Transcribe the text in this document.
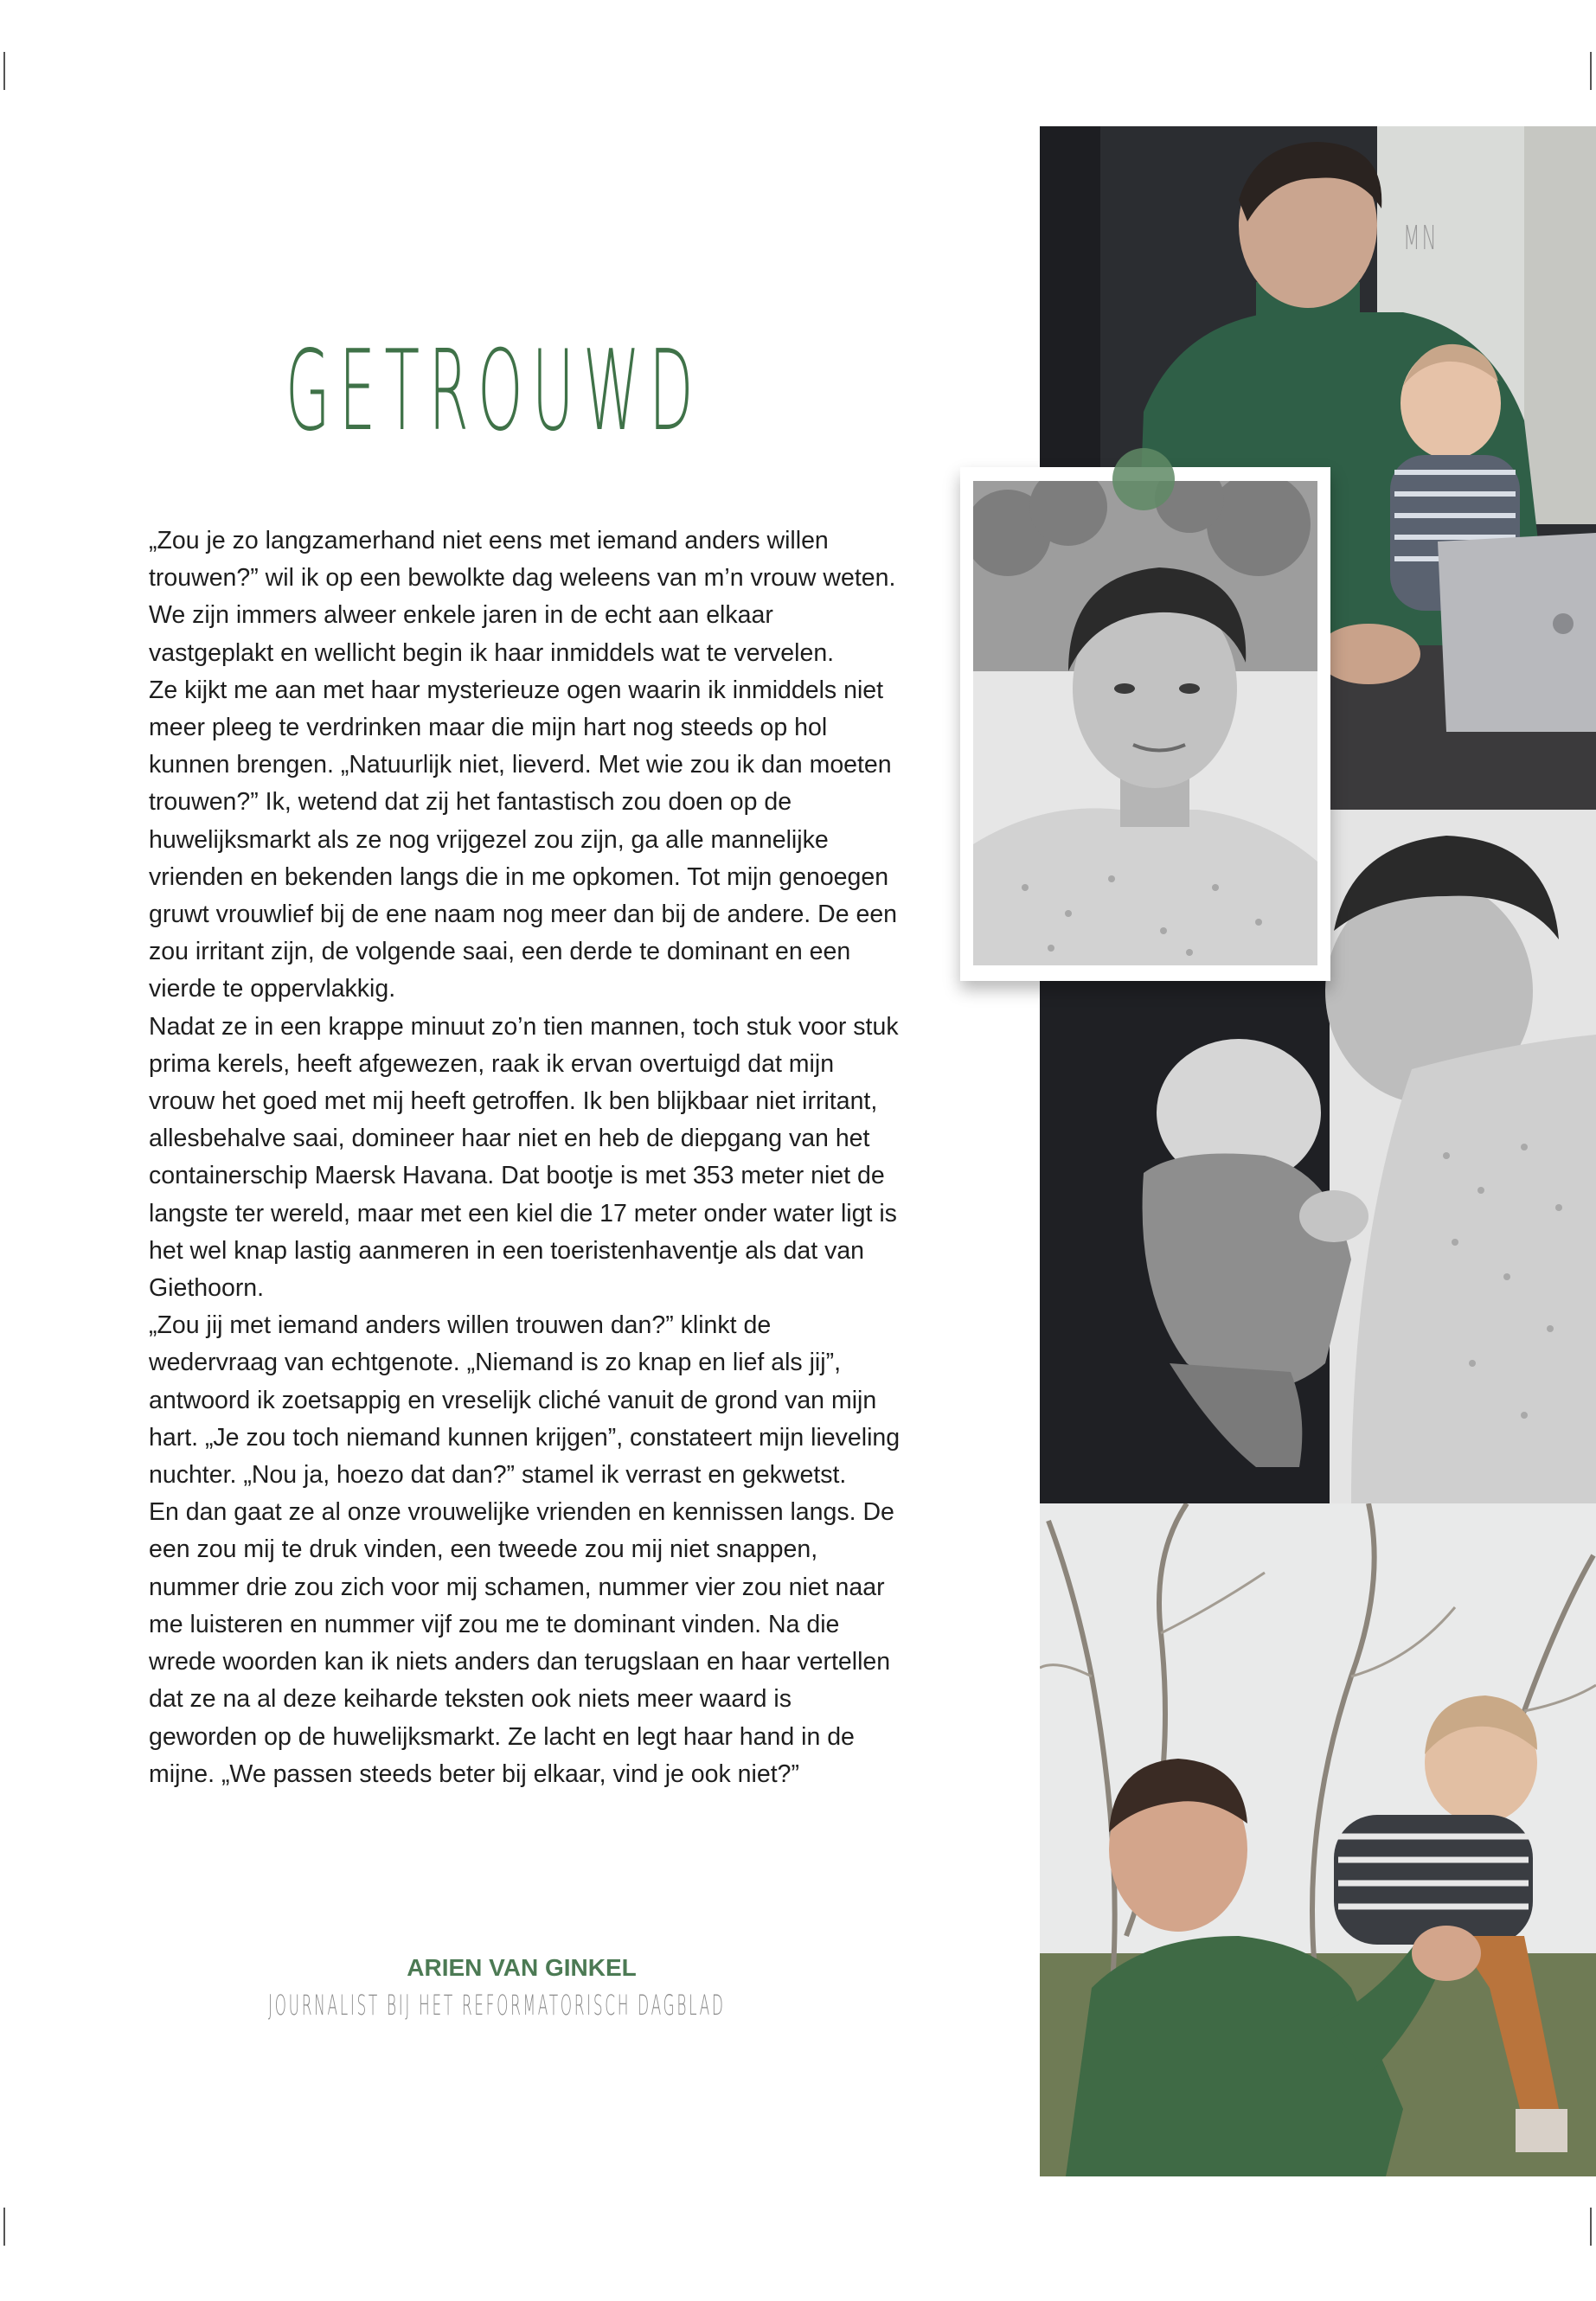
GETROUWD

„Zou je zo langzamerhand niet eens met iemand anders willen trouwen?” wil ik op een bewolkte dag weleens van m’n vrouw weten. We zijn immers alweer enkele jaren in de echt aan elkaar vastgeplakt en wellicht begin ik haar inmiddels wat te vervelen.

Ze kijkt me aan met haar mysterieuze ogen waarin ik inmiddels niet meer pleeg te verdrinken maar die mijn hart nog steeds op hol kunnen brengen. „Natuurlijk niet, lieverd. Met wie zou ik dan moeten trouwen?” Ik, wetend dat zij het fantastisch zou doen op de huwelijksmarkt als ze nog vrijgezel zou zijn, ga alle mannelijke vrienden en bekenden langs die in me opkomen. Tot mijn genoegen gruwt vrouwlief bij de ene naam nog meer dan bij de andere. De een zou irritant zijn, de volgende saai, een derde te dominant en een vierde te oppervlakkig.

Nadat ze in een krappe minuut zo’n tien mannen, toch stuk voor stuk prima kerels, heeft afgewezen, raak ik ervan overtuigd dat mijn vrouw het goed met mij heeft getroffen. Ik ben blijkbaar niet irritant, allesbehalve saai, domineer haar niet en heb de diepgang van het containerschip Maersk Havana. Dat bootje is met 353 meter niet de langste ter wereld, maar met een kiel die 17 meter onder water ligt is het wel knap lastig aanmeren in een toeristenhaventje als dat van Giethoorn.

„Zou jij met iemand anders willen trouwen dan?” klinkt de wedervraag van echtgenote. „Niemand is zo knap en lief als jij”, antwoord ik zoetsappig en vreselijk cliché vanuit de grond van mijn hart. „Je zou toch niemand kunnen krijgen”, constateert mijn lieveling nuchter. „Nou ja, hoezo dat dan?” stamel ik verrast en gekwetst.

En dan gaat ze al onze vrouwelijke vrienden en kennissen langs. De een zou mij te druk vinden, een tweede zou mij niet snappen, nummer drie zou zich voor mij schamen, nummer vier zou niet naar me luisteren en nummer vijf zou me te dominant vinden. Na die wrede woorden kan ik niets anders dan terugslaan en haar vertellen dat ze na al deze keiharde teksten ook niets meer waard is geworden op de huwelijksmarkt. Ze lacht en legt haar hand in de mijne. „We passen steeds beter bij elkaar, vind je ook niet?”

ARIEN VAN GINKEL
JOURNALIST BIJ HET REFORMATORISCH DAGBLAD
MN
